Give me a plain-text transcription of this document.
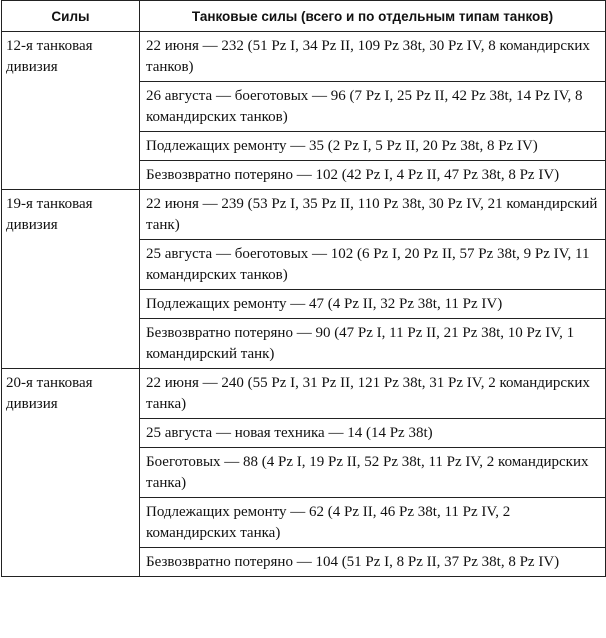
Силы	Танковые силы (всего и по отдельным типам танков)
12-я танковая дивизия	22 июня — 232 (51 Pz I, 34 Pz II, 109 Pz 38t, 30 Pz IV, 8 командирских танков)
	26 августа — боеготовых — 96 (7 Pz I, 25 Pz II, 42 Pz 38t, 14 Pz IV, 8 командирских танков)
	Подлежащих ремонту — 35 (2 Pz I, 5 Pz II, 20 Pz 38t, 8 Pz IV)
	Безвозвратно потеряно — 102 (42 Pz I, 4 Pz II, 47 Pz 38t, 8 Pz IV)
19-я танковая дивизия	22 июня — 239 (53 Pz I, 35 Pz II, 110 Pz 38t, 30 Pz IV, 21 командирский танк)
	25 августа — боеготовых — 102 (6 Pz I, 20 Pz II, 57 Pz 38t, 9 Pz IV, 11 командирских танков)
	Подлежащих ремонту — 47 (4 Pz II, 32 Pz 38t, 11 Pz IV)
	Безвозвратно потеряно — 90 (47 Pz I, 11 Pz II, 21 Pz 38t, 10 Pz IV, 1 командирский танк)
20-я танковая дивизия	22 июня — 240 (55 Pz I, 31 Pz II, 121 Pz 38t, 31 Pz IV, 2 командирских танка)
	25 августа — новая техника — 14 (14 Pz 38t)
	Боеготовых — 88 (4 Pz I, 19 Pz II, 52 Pz 38t, 11 Pz IV, 2 командирских танка)
	Подлежащих ремонту — 62 (4 Pz II, 46 Pz 38t, 11 Pz IV, 2 командирских танка)
	Безвозвратно потеряно — 104 (51 Pz I, 8 Pz II, 37 Pz 38t, 8 Pz IV)
